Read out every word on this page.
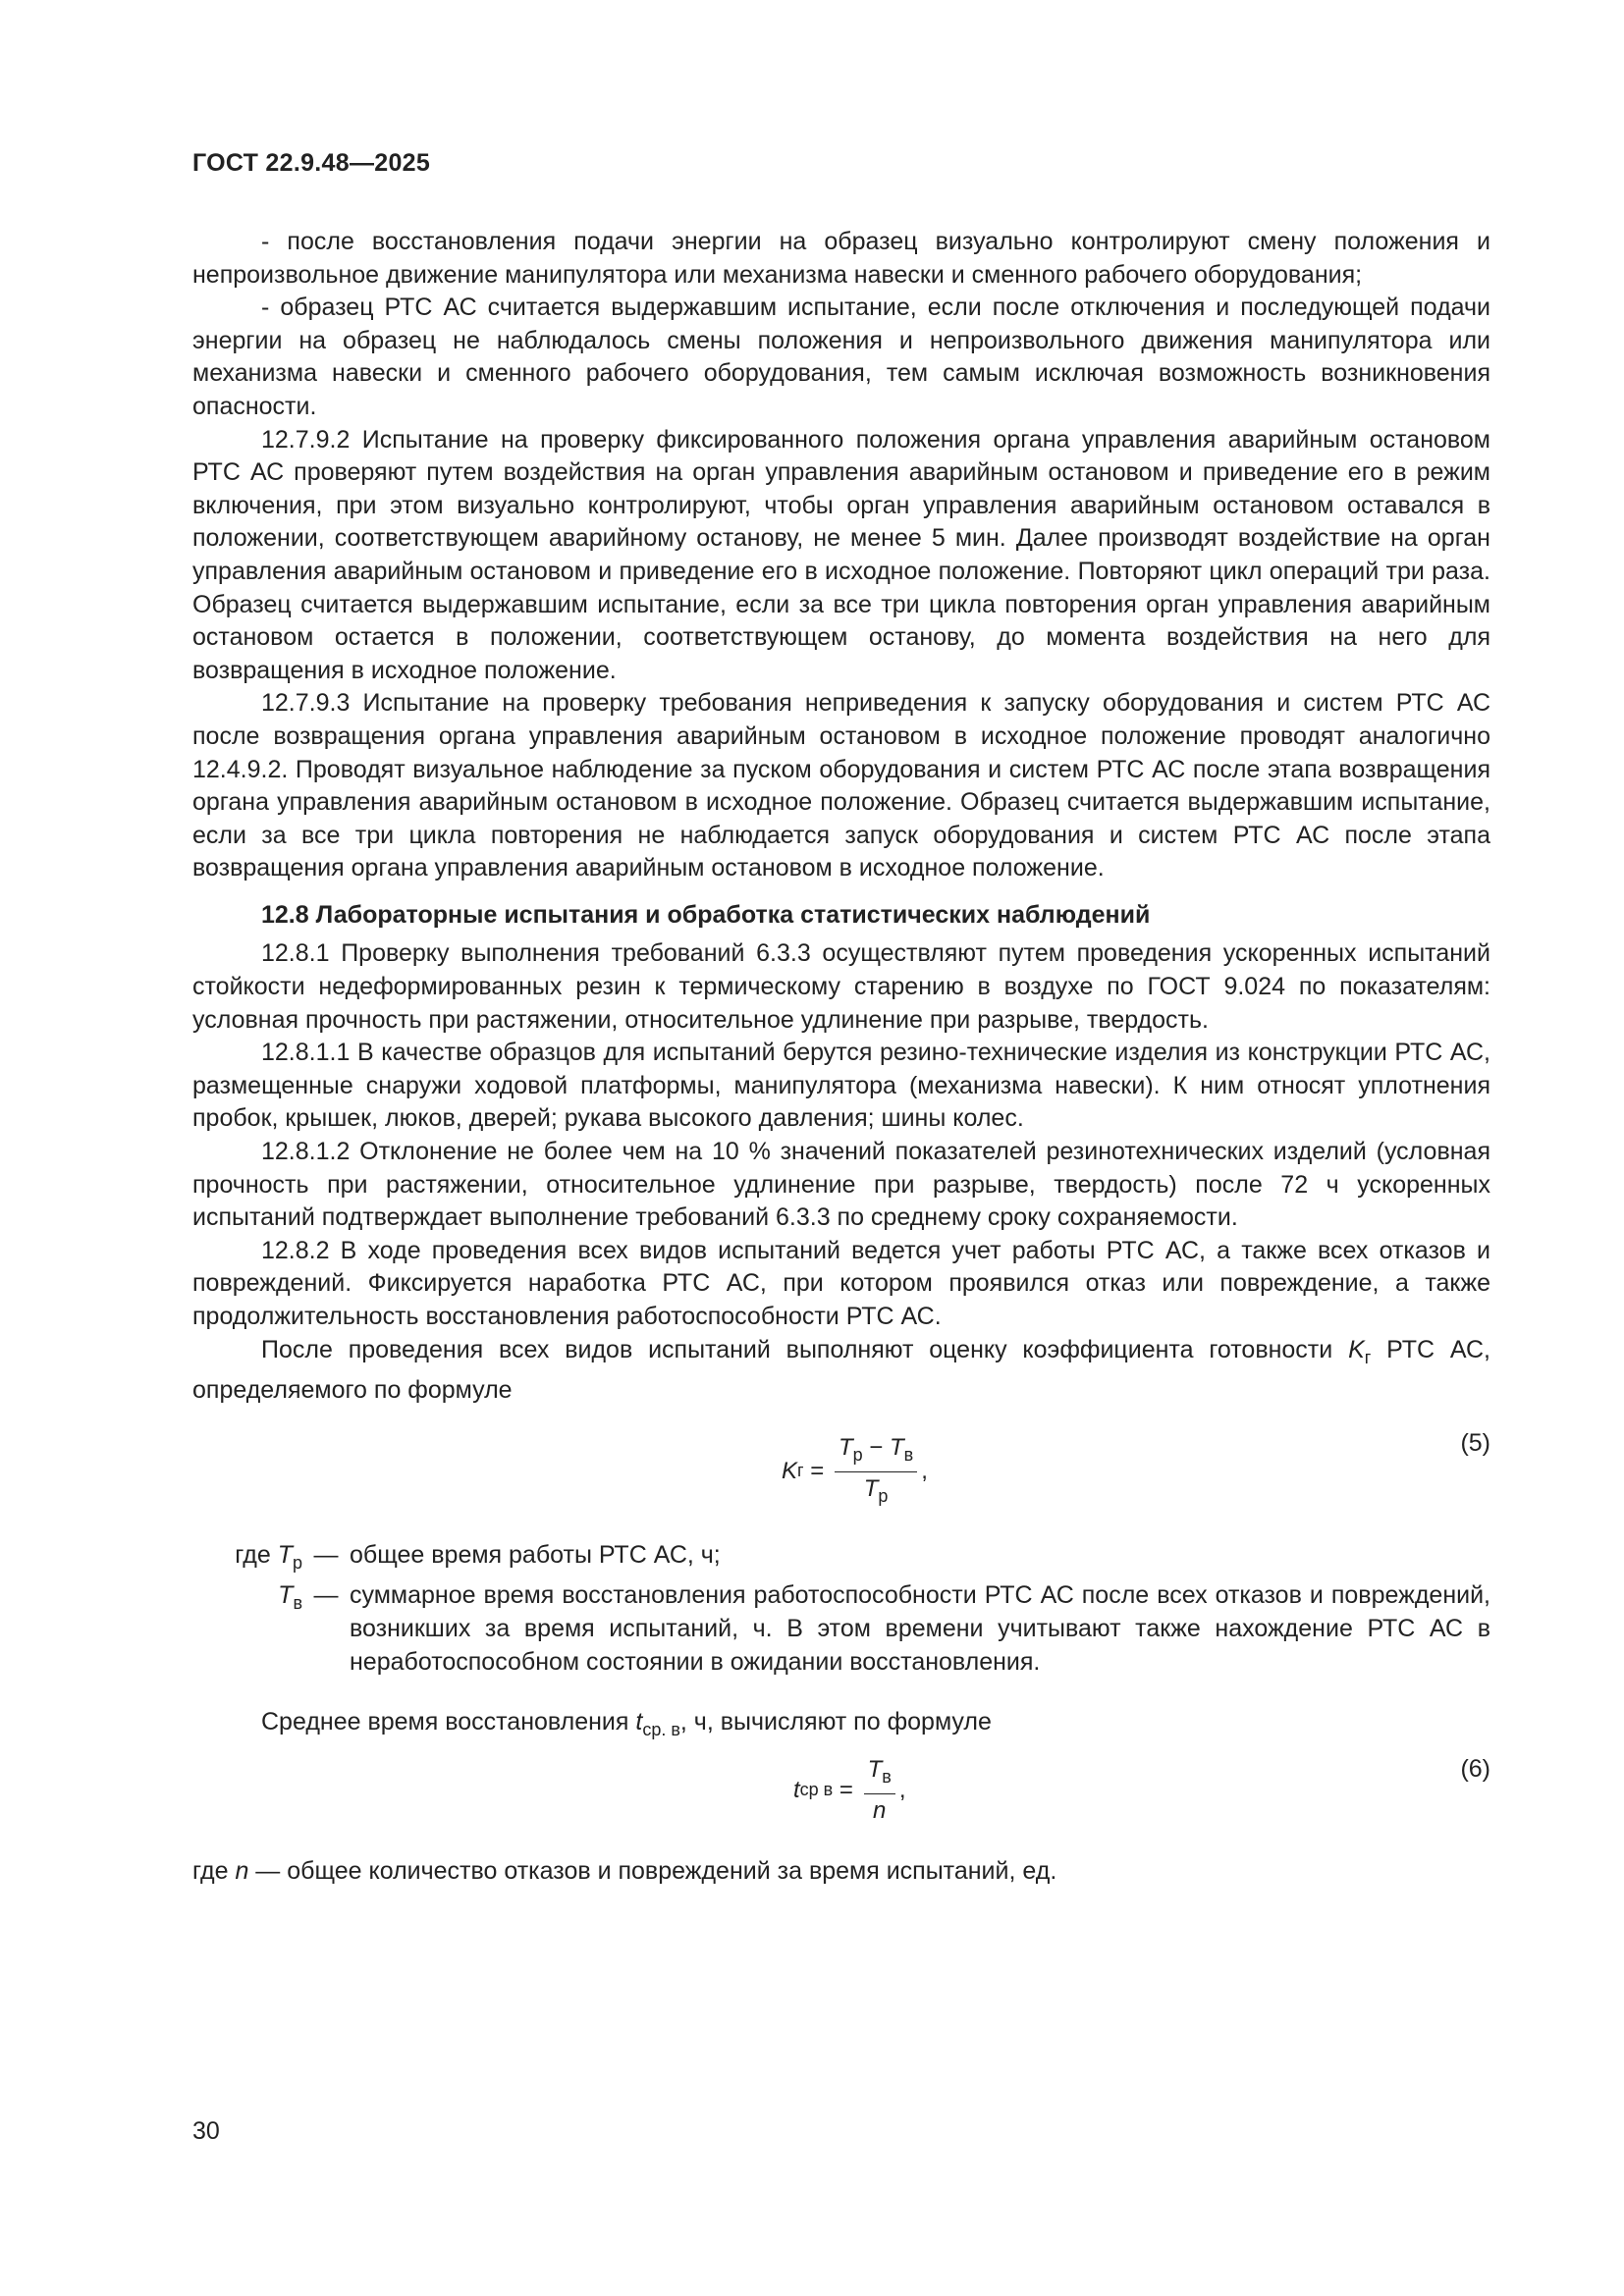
ГОСТ 22.9.48—2025

- после восстановления подачи энергии на образец визуально контролируют смену положения и непроизвольное движение манипулятора или механизма навески и сменного рабочего оборудования;

- образец РТС АС считается выдержавшим испытание, если после отключения и последующей подачи энергии на образец не наблюдалось смены положения и непроизвольного движения манипулятора или механизма навески и сменного рабочего оборудования, тем самым исключая возможность возникновения опасности.

12.7.9.2 Испытание на проверку фиксированного положения органа управления аварийным остановом РТС АС проверяют путем воздействия на орган управления аварийным остановом и приведение его в режим включения, при этом визуально контролируют, чтобы орган управления аварийным остановом оставался в положении, соответствующем аварийному останову, не менее 5 мин. Далее производят воздействие на орган управления аварийным остановом и приведение его в исходное положение. Повторяют цикл операций три раза. Образец считается выдержавшим испытание, если за все три цикла повторения орган управления аварийным остановом остается в положении, соответствующем останову, до момента воздействия на него для возвращения в исходное положение.

12.7.9.3 Испытание на проверку требования неприведения к запуску оборудования и систем РТС АС после возвращения органа управления аварийным остановом в исходное положение проводят аналогично 12.4.9.2. Проводят визуальное наблюдение за пуском оборудования и систем РТС АС после этапа возвращения органа управления аварийным остановом в исходное положение. Образец считается выдержавшим испытание, если за все три цикла повторения не наблюдается запуск оборудования и систем РТС АС после этапа возвращения органа управления аварийным остановом в исходное положение.

12.8 Лабораторные испытания и обработка статистических наблюдений

12.8.1 Проверку выполнения требований 6.3.3 осуществляют путем проведения ускоренных испытаний стойкости недеформированных резин к термическому старению в воздухе по ГОСТ 9.024 по показателям: условная прочность при растяжении, относительное удлинение при разрыве, твердость.

12.8.1.1 В качестве образцов для испытаний берутся резино-технические изделия из конструкции РТС АС, размещенные снаружи ходовой платформы, манипулятора (механизма навески). К ним относят уплотнения пробок, крышек, люков, дверей; рукава высокого давления; шины колес.

12.8.1.2 Отклонение не более чем на 10 % значений показателей резинотехнических изделий (условная прочность при растяжении, относительное удлинение при разрыве, твердость) после 72 ч ускоренных испытаний подтверждает выполнение требований 6.3.3 по среднему сроку сохраняемости.

12.8.2 В ходе проведения всех видов испытаний ведется учет работы РТС АС, а также всех отказов и повреждений. Фиксируется наработка РТС АС, при котором проявился отказ или повреждение, а также продолжительность восстановления работоспособности РТС АС.

После проведения всех видов испытаний выполняют оценку коэффициента готовности $K_г$ РТС АС, определяемого по формуле

K $г = \frac{T_р - T_в}{T_р}$ ,
(5)
где $T_р$ — общее время работы РТС АС, ч;
$T_в$ — суммарное время восстановления работоспособности РТС АС после всех отказов и повреждений, возникших за время испытаний, ч. В этом времени учитывают также нахождение РТС АС в неработоспособном состоянии в ожидании восстановления.

Среднее время восстановления $t_{ср. в}$, ч, вычисляют по формуле

t ср $в = \frac{T_в}{n}$ ,
(6)

где n — общее количество отказов и повреждений за время испытаний, ед.

30
